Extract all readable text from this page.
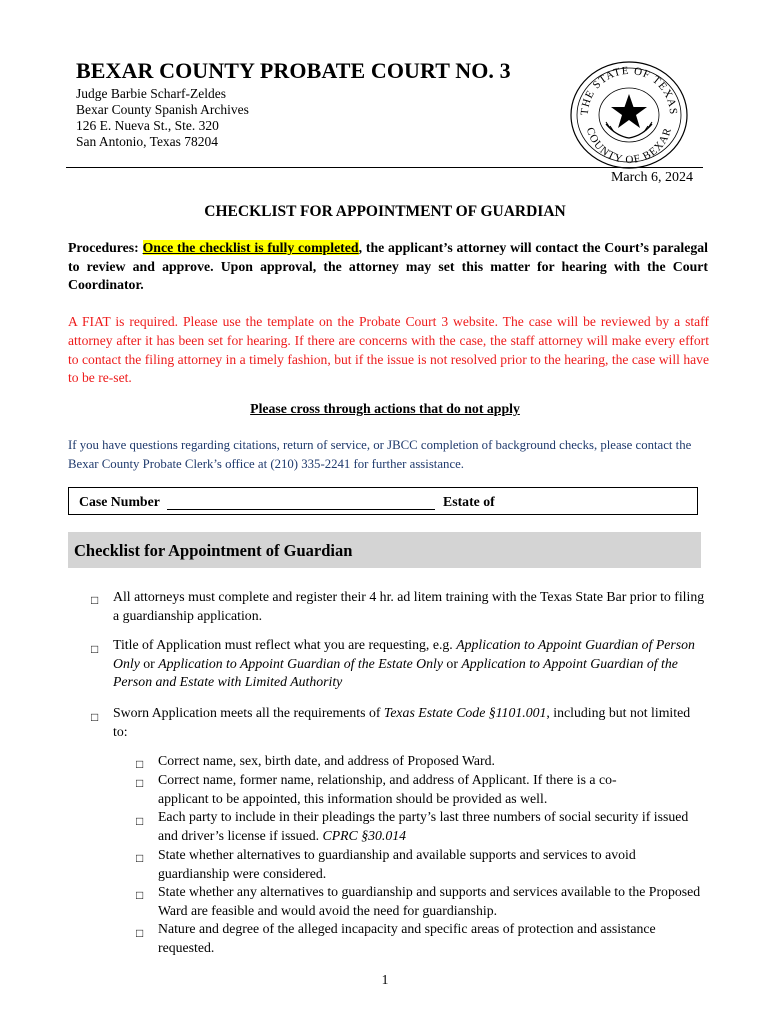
BEXAR COUNTY PROBATE COURT NO. 3
Judge Barbie Scharf-Zeldes
Bexar County Spanish Archives
126 E. Nueva St., Ste. 320
San Antonio, Texas 78204
THE STATE OF TEXAS
COUNTY OF BEXAR
March 6, 2024
CHECKLIST FOR APPOINTMENT OF GUARDIAN
Procedures: Once the checklist is fully completed, the applicant’s attorney will contact the Court’s paralegal to review and approve. Upon approval, the attorney may set this matter for hearing with the Court Coordinator.
A FIAT is required. Please use the template on the Probate Court 3 website. The case will be reviewed by a staff attorney after it has been set for hearing. If there are concerns with the case, the staff attorney will make every effort to contact the filing attorney in a timely fashion, but if the issue is not resolved prior to the hearing, the case will have to be re-set.
Please cross through actions that do not apply
If you have questions regarding citations, return of service, or JBCC completion of background checks, please contact the Bexar County Probate Clerk’s office at (210) 335-2241 for further assistance.
Case Number	Estate of
Checklist for Appointment of Guardian
□ All attorneys must complete and register their 4 hr. ad litem training with the Texas State Bar prior to filing a guardianship application.
□ Title of Application must reflect what you are requesting, e.g. Application to Appoint Guardian of Person Only or Application to Appoint Guardian of the Estate Only or Application to Appoint Guardian of the Person and Estate with Limited Authority
□ Sworn Application meets all the requirements of Texas Estate Code §1101.001, including but not limited to:
□ Correct name, sex, birth date, and address of Proposed Ward.
□ Correct name, former name, relationship, and address of Applicant. If there is a co-applicant to be appointed, this information should be provided as well.
□ Each party to include in their pleadings the party’s last three numbers of social security if issued and driver’s license if issued. CPRC §30.014
□ State whether alternatives to guardianship and available supports and services to avoid guardianship were considered.
□ State whether any alternatives to guardianship and supports and services available to the Proposed Ward are feasible and would avoid the need for guardianship.
□ Nature and degree of the alleged incapacity and specific areas of protection and assistance requested.
1
